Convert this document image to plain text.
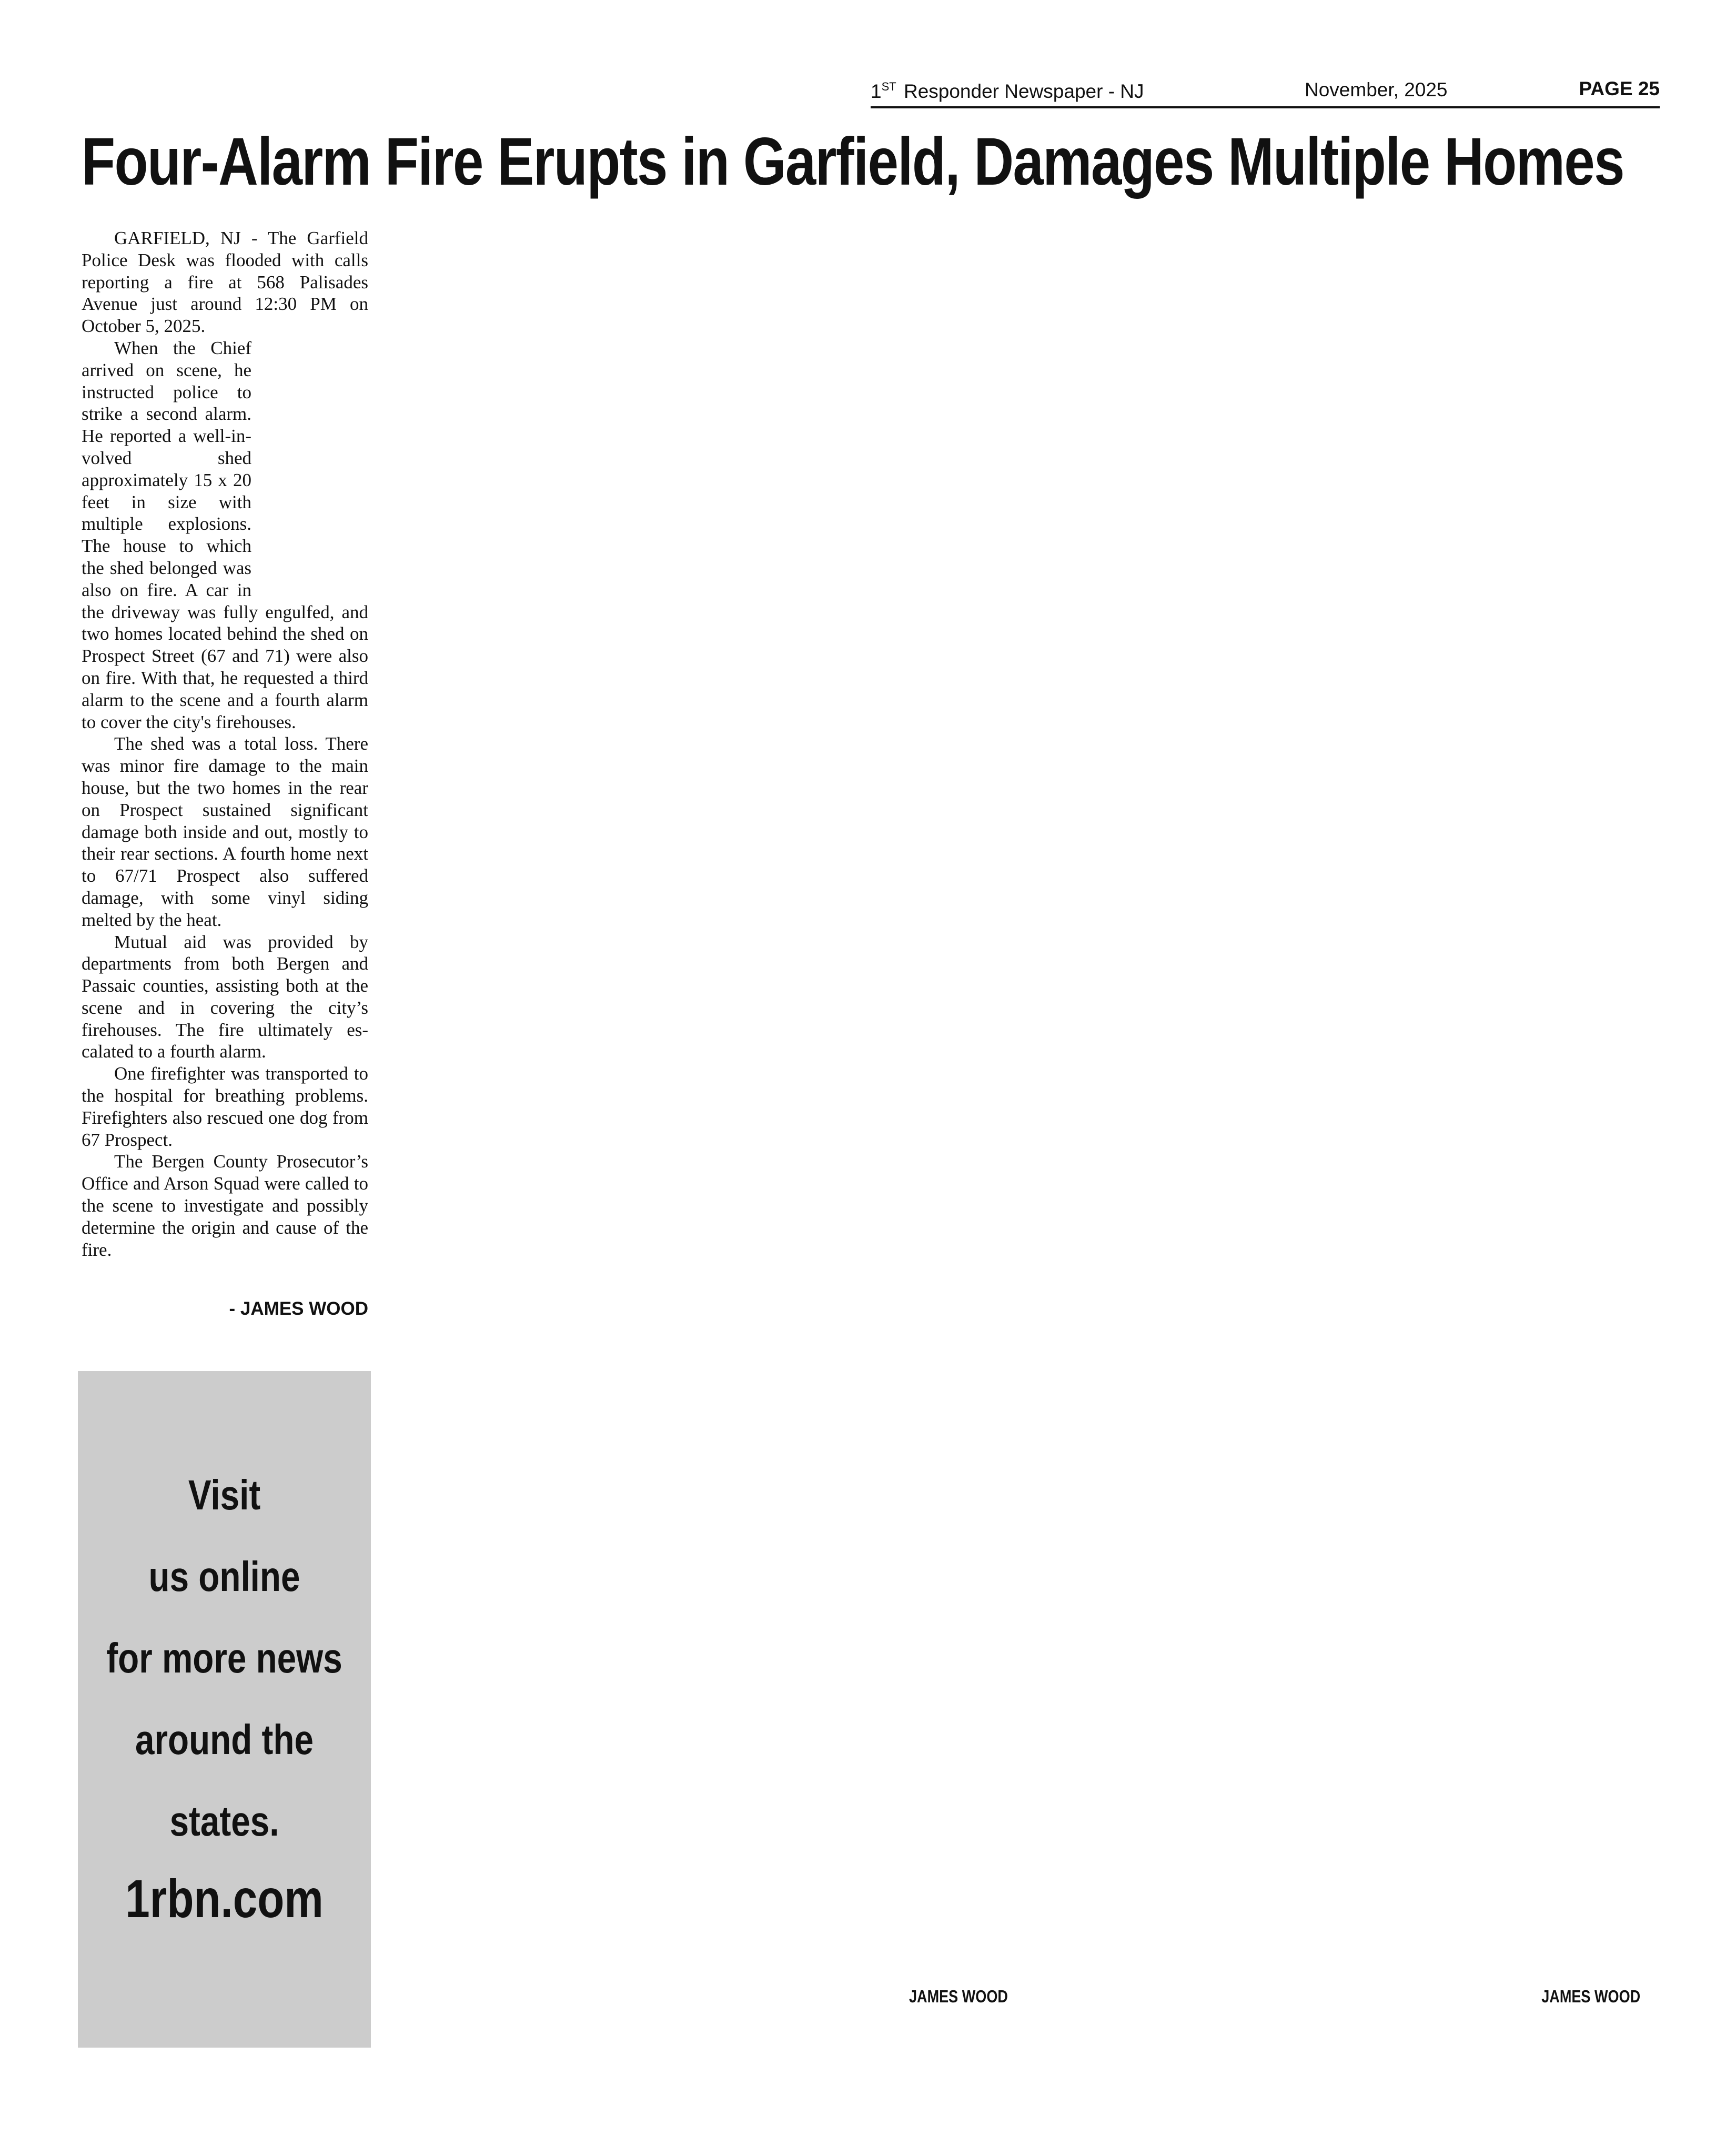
1ST Responder Newspaper - NJ	November, 2025	PAGE 25
Four-Alarm Fire Erupts in Garfield, Damages Multiple Homes

GARFIELD, NJ - The Garfield Police Desk was flooded with calls reporting a fire at 568 Palisades Avenue just around 12:30 PM on October 5, 2025.

When the Chief arrived on scene, he instructed police to strike a second alarm. He reported a well-involved shed approximately 15 x 20 feet in size with multiple explosions. The house to which the shed belonged was also on fire. A car in the driveway was fully engulfed, and two homes located behind the shed on Prospect Street (67 and 71) were also on fire. With that, he requested a third alarm to the scene and a fourth alarm to cover the city's firehouses.

The shed was a total loss. There was minor fire damage to the main house, but the two homes in the rear on Prospect sustained significant damage both inside and out, mostly to their rear sections. A fourth home next to 67/71 Prospect also suffered damage, with some vinyl siding melted by the heat.

Mutual aid was provided by departments from both Bergen and Passaic counties, assisting both at the scene and in covering the city’s firehouses. The fire ultimately escalated to a fourth alarm.

One firefighter was transported to the hospital for breathing problems. Firefighters also rescued one dog from 67 Prospect.

The Bergen County Prosecutor’s Office and Arson Squad were called to the scene to investigate and possibly determine the origin and cause of the fire.

- JAMES WOOD
Visit
us online
for more news
around the
states.
1rbn.com
JAMES WOOD	JAMES WOOD
